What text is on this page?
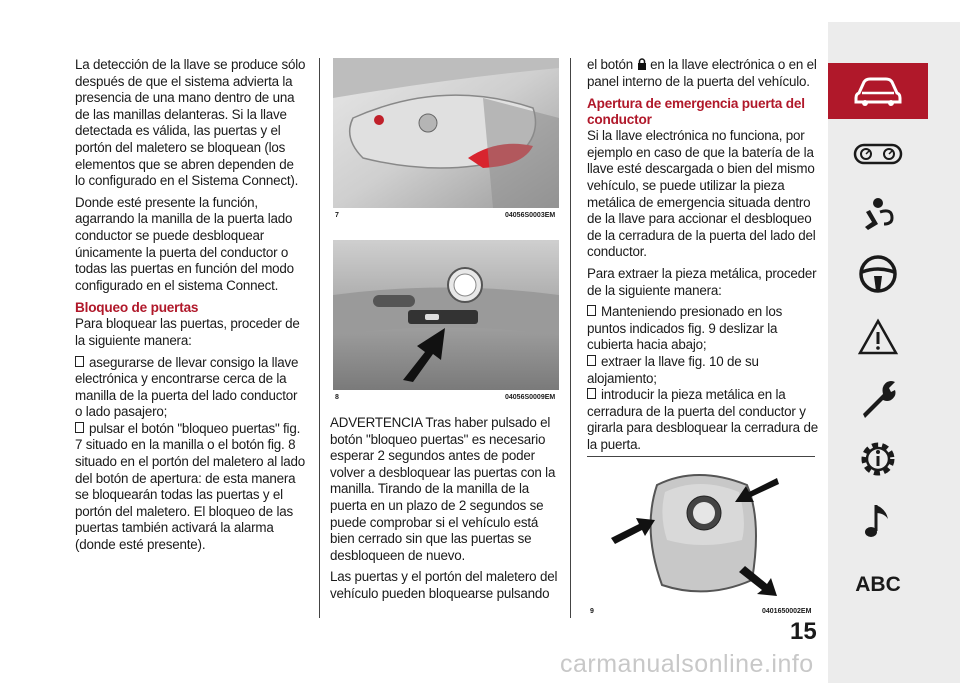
La detección de la llave se produce sólo después de que el sistema advierta la presencia de una mano dentro de una de las manillas delanteras. Si la llave detectada es válida, las puertas y el portón del maletero se bloquean (los elementos que se abren dependen de lo configurado en el Sistema Connect).

Donde esté presente la función, agarrando la manilla de la puerta lado conductor se puede desbloquear únicamente la puerta del conductor o todas las puertas en función del modo configurado en el sistema Connect.

Bloqueo de puertas

Para bloquear las puertas, proceder de la siguiente manera:

asegurarse de llevar consigo la llave electrónica y encontrarse cerca de la manilla de la puerta del lado conductor o lado pasajero;
pulsar el botón "bloqueo puertas" fig. 7 situado en la manilla o el botón fig. 8 situado en el portón del maletero al lado del botón de apertura: de esta manera se bloquearán todas las puertas y el portón del maletero. El bloqueo de las puertas también activará la alarma (donde esté presente).
7	04056S0003EM
8	04056S0009EM

ADVERTENCIA Tras haber pulsado el botón "bloqueo puertas" es necesario esperar 2 segundos antes de poder volver a desbloquear las puertas con la manilla. Tirando de la manilla de la puerta en un plazo de 2 segundos se puede comprobar si el vehículo está bien cerrado sin que las puertas se desbloqueen de nuevo.

Las puertas y el portón del maletero del vehículo pueden bloquearse pulsando

el botón en la llave electrónica o en el panel interno de la puerta del vehículo.

Apertura de emergencia puerta del conductor

Si la llave electrónica no funciona, por ejemplo en caso de que la batería de la llave esté descargada o bien del mismo vehículo, se puede utilizar la pieza metálica de emergencia situada dentro de la llave para accionar el desbloqueo de la cerradura de la puerta del lado del conductor.

Para extraer la pieza metálica, proceder de la siguiente manera:

Manteniendo presionado en los puntos indicados fig. 9 deslizar la cubierta hacia abajo;
extraer la llave fig. 10 de su alojamiento;
introducir la pieza metálica en la cerradura de la puerta del conductor y girarla para desbloquear la cerradura de la puerta.
9	0401650002EM
15
ABC
carmanualsonline.info
